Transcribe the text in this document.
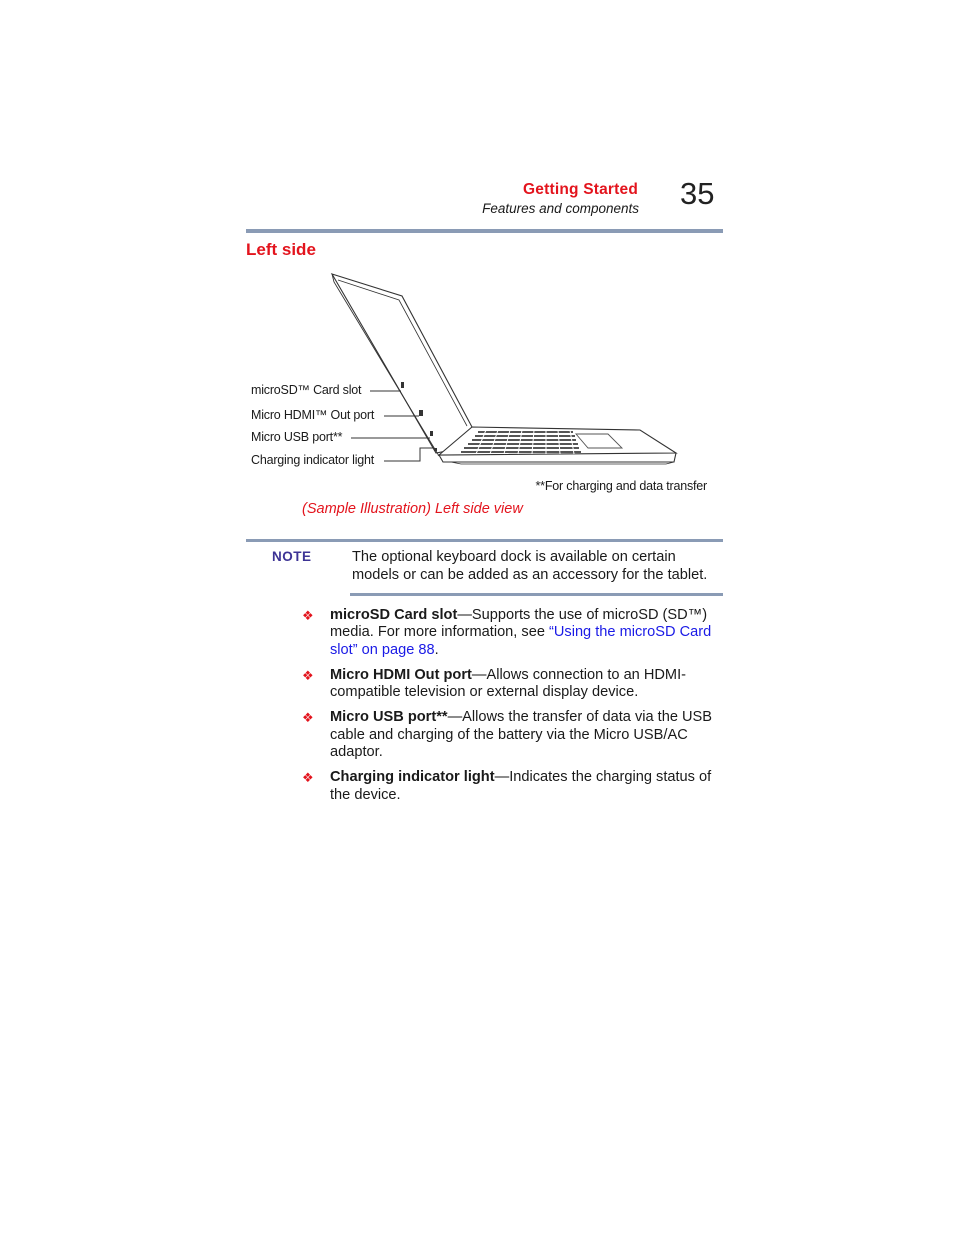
Getting Started
Features and components 35
Left side
microSD™ Card slot
Micro HDMI™ Out port
Micro USB port**
Charging indicator light
**For charging and data transfer
(Sample Illustration) Left side view
NOTE	The optional keyboard dock is available on certain models or can be added as an accessory for the tablet.
❖ microSD Card slot—Supports the use of microSD (SD™) media. For more information, see “Using the microSD Card slot” on page 88.
❖ Micro HDMI Out port—Allows connection to an HDMI-compatible television or external display device.
❖ Micro USB port**—Allows the transfer of data via the USB cable and charging of the battery via the Micro USB/AC adaptor.
❖ Charging indicator light—Indicates the charging status of the device.
